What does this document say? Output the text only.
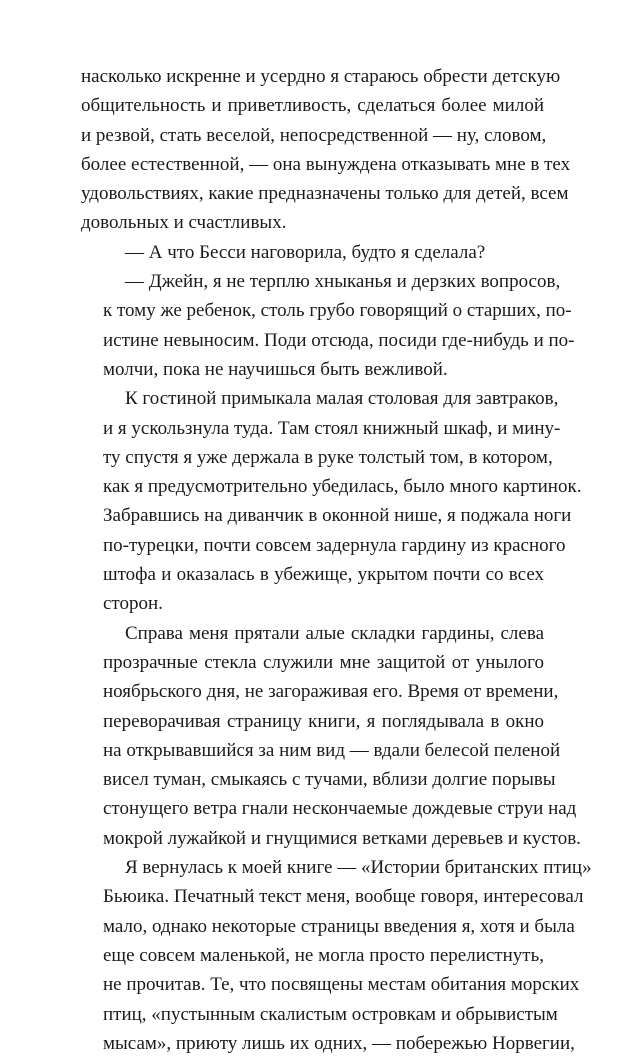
насколько искренне и усердно я стараюсь обрести детскую
общительность и приветливость, сделаться более милой
и резвой, стать веселой, непосредственной — ну, словом,
более естественной, — она вынуждена отказывать мне в тех
удовольствиях, какие предназначены только для детей, всем
довольных и счастливых.
— А что Бесси наговорила, будто я сделала?
— Джейн, я не терплю хныканья и дерзких вопросов,
к тому же ребенок, столь грубо говорящий о старших, по-
истине невыносим. Поди отсюда, посиди где-нибудь и по-
молчи, пока не научишься быть вежливой.
К гостиной примыкала малая столовая для завтраков,
и я ускользнула туда. Там стоял книжный шкаф, и мину-
ту спустя я уже держала в руке толстый том, в котором,
как я предусмотрительно убедилась, было много картинок.
Забравшись на диванчик в оконной нише, я поджала ноги
по-турецки, почти совсем задернула гардину из красного
штофа и оказалась в убежище, укрытом почти со всех
сторон.
Справа меня прятали алые складки гардины, слева
прозрачные стекла служили мне защитой от унылого
ноябрьского дня, не загораживая его. Время от времени,
переворачивая страницу книги, я поглядывала в окно
на открывавшийся за ним вид — вдали белесой пеленой
висел туман, смыкаясь с тучами, вблизи долгие порывы
стонущего ветра гнали нескончаемые дождевые струи над
мокрой лужайкой и гнущимися ветками деревьев и кустов.
Я вернулась к моей книге — «Истории британских птиц»
Бьюика. Печатный текст меня, вообще говоря, интересовал
мало, однако некоторые страницы введения я, хотя и была
еще совсем маленькой, не могла просто перелистнуть,
не прочитав. Те, что посвящены местам обитания морских
птиц, «пустынным скалистым островкам и обрывистым
мысам», приюту лишь их одних, — побережью Норвегии,
